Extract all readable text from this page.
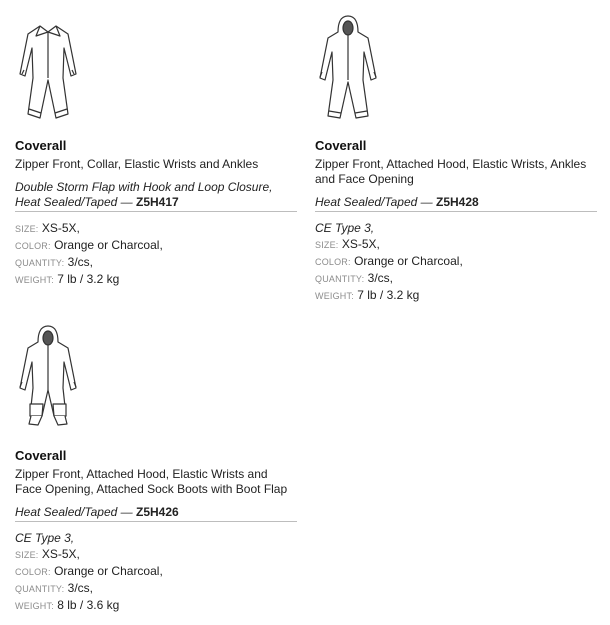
Coverall
Zipper Front, Collar, Elastic Wrists and Ankles
Double Storm Flap with Hook and Loop Closure, Heat Sealed/Taped — Z5H417
SIZE: XS-5X,
COLOR: Orange or Charcoal,
QUANTITY: 3/cs,
WEIGHT: 7 lb / 3.2 kg
Coverall
Zipper Front, Attached Hood, Elastic Wrists, Ankles and Face Opening
Heat Sealed/Taped — Z5H428
CE Type 3,
SIZE: XS-5X,
COLOR: Orange or Charcoal,
QUANTITY: 3/cs,
WEIGHT: 7 lb / 3.2 kg
Coverall
Zipper Front, Attached Hood, Elastic Wrists and Face Opening, Attached Sock Boots with Boot Flap
Heat Sealed/Taped — Z5H426
CE Type 3,
SIZE: XS-5X,
COLOR: Orange or Charcoal,
QUANTITY: 3/cs,
WEIGHT: 8 lb / 3.6 kg
